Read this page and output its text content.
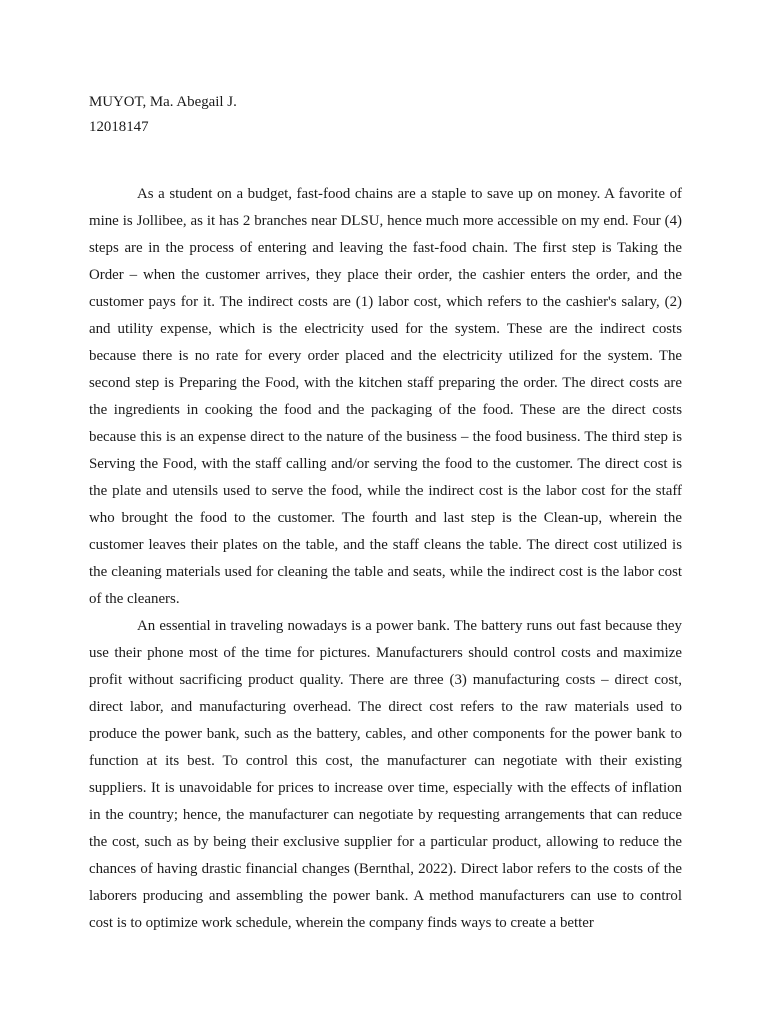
MUYOT, Ma. Abegail J.

12018147

As a student on a budget, fast-food chains are a staple to save up on money. A favorite of mine is Jollibee, as it has 2 branches near DLSU, hence much more accessible on my end. Four (4) steps are in the process of entering and leaving the fast-food chain. The first step is Taking the Order – when the customer arrives, they place their order, the cashier enters the order, and the customer pays for it. The indirect costs are (1) labor cost, which refers to the cashier's salary, (2) and utility expense, which is the electricity used for the system. These are the indirect costs because there is no rate for every order placed and the electricity utilized for the system. The second step is Preparing the Food, with the kitchen staff preparing the order. The direct costs are the ingredients in cooking the food and the packaging of the food. These are the direct costs because this is an expense direct to the nature of the business – the food business. The third step is Serving the Food, with the staff calling and/or serving the food to the customer. The direct cost is the plate and utensils used to serve the food, while the indirect cost is the labor cost for the staff who brought the food to the customer. The fourth and last step is the Clean-up, wherein the customer leaves their plates on the table, and the staff cleans the table. The direct cost utilized is the cleaning materials used for cleaning the table and seats, while the indirect cost is the labor cost of the cleaners.

An essential in traveling nowadays is a power bank. The battery runs out fast because they use their phone most of the time for pictures. Manufacturers should control costs and maximize profit without sacrificing product quality. There are three (3) manufacturing costs – direct cost, direct labor, and manufacturing overhead. The direct cost refers to the raw materials used to produce the power bank, such as the battery, cables, and other components for the power bank to function at its best. To control this cost, the manufacturer can negotiate with their existing suppliers. It is unavoidable for prices to increase over time, especially with the effects of inflation in the country; hence, the manufacturer can negotiate by requesting arrangements that can reduce the cost, such as by being their exclusive supplier for a particular product, allowing to reduce the chances of having drastic financial changes (Bernthal, 2022). Direct labor refers to the costs of the laborers producing and assembling the power bank. A method manufacturers can use to control cost is to optimize work schedule, wherein the company finds ways to create a better
